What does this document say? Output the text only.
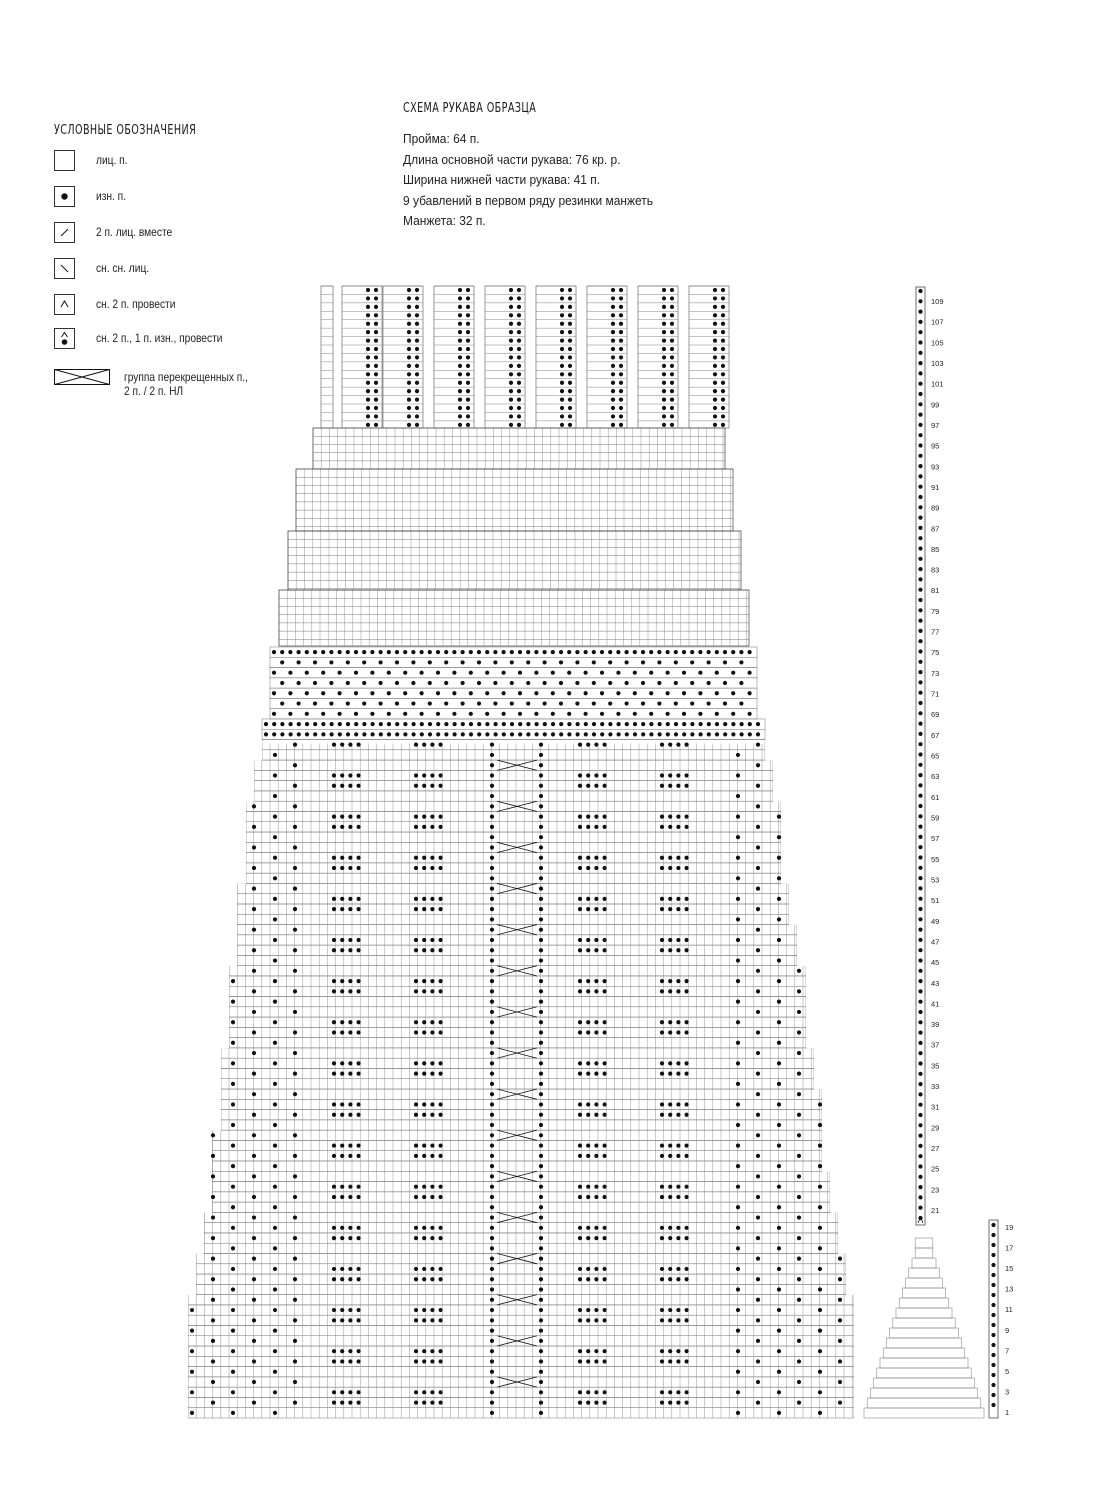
УСЛОВНЫЕ ОБОЗНАЧЕНИЯ
лиц. п.
изн. п.
2 п. лиц. вместе
сн. сн. лиц.
сн. 2 п. провести
сн. 2 п., 1 п. изн., провести
группа перекрещенных п.,
2 п. / 2 п. НЛ
СХЕМА РУКАВА ОБРАЗЦА
Пройма: 64 п.
Длина основной части рукава: 76 кр. р.
Ширина нижней части рукава: 41 п.
9 убавлений в первом ряду резинки манжеть
Манжета: 32 п.
109
107
105
103
101
99
97
95
93
91
89
87
85
83
81
79
77
75
73
71
69
67
65
63
61
59
57
55
53
51
49
47
45
43
41
39
37
35
33
31
29
27
25
23
21
19
17
15
13
11
9
7
5
3
1
